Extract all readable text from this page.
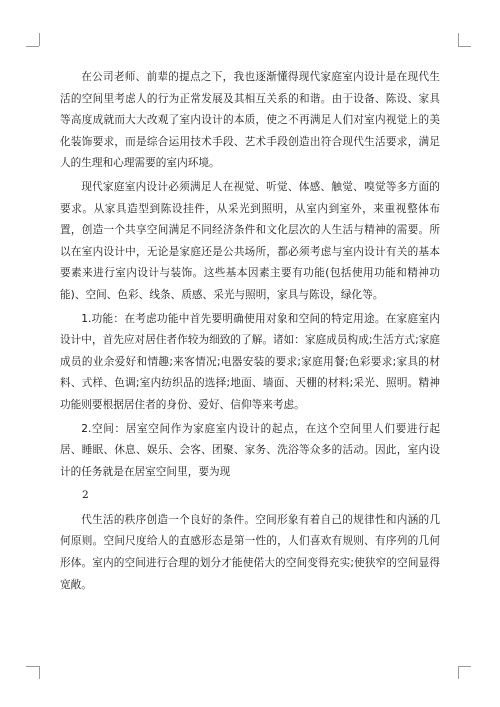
在公司老师、前辈的提点之下，我也逐渐懂得现代家庭室内设计是在现代生活的空间里考虑人的行为正常发展及其相互关系的和谐。由于设备、陈设、家具等高度成就而大大改观了室内设计的本质，使之不再满足人们对室内视觉上的美化装饰要求，而是综合运用技术手段、艺术手段创造出符合现代生活要求，满足人的生理和心理需要的室内环境。

现代家庭室内设计必须满足人在视觉、听觉、体感、触觉、嗅觉等多方面的要求。从家具造型到陈设挂件，从采光到照明，从室内到室外，来重视整体布置，创造一个共享空间满足不同经济条件和文化层次的人生活与精神的需要。所以在室内设计中，无论是家庭还是公共场所，都必须考虑与室内设计有关的基本要素来进行室内设计与装饰。这些基本因素主要有功能(包括使用功能和精神功能)、空间、色彩、线条、质感、采光与照明，家具与陈设，绿化等。

1.功能：在考虑功能中首先要明确使用对象和空间的特定用途。在家庭室内设计中，首先应对居住者作较为细致的了解。诸如：家庭成员构成;生活方式;家庭成员的业余爱好和情趣;来客情况;电器安装的要求;家庭用餐;色彩要求;家具的材料、式样、色调;室内纺织品的选择;地面、墙面、天棚的材料;采光、照明。精神功能则要根据居住者的身份、爱好、信仰等来考虑。

2.空间：居室空间作为家庭室内设计的起点，在这个空间里人们要进行起居、睡眠、休息、娱乐、会客、团聚、家务、洗浴等众多的活动。因此，室内设计的任务就是在居室空间里，要为现

2

代生活的秩序创造一个良好的条件。空间形象有着自己的规律性和内涵的几何原则。空间尺度给人的直感形态是第一性的，人们喜欢有规则、有序列的几何形体。室内的空间进行合理的划分才能使偌大的空间变得充实;使狭窄的空间显得宽敞。
